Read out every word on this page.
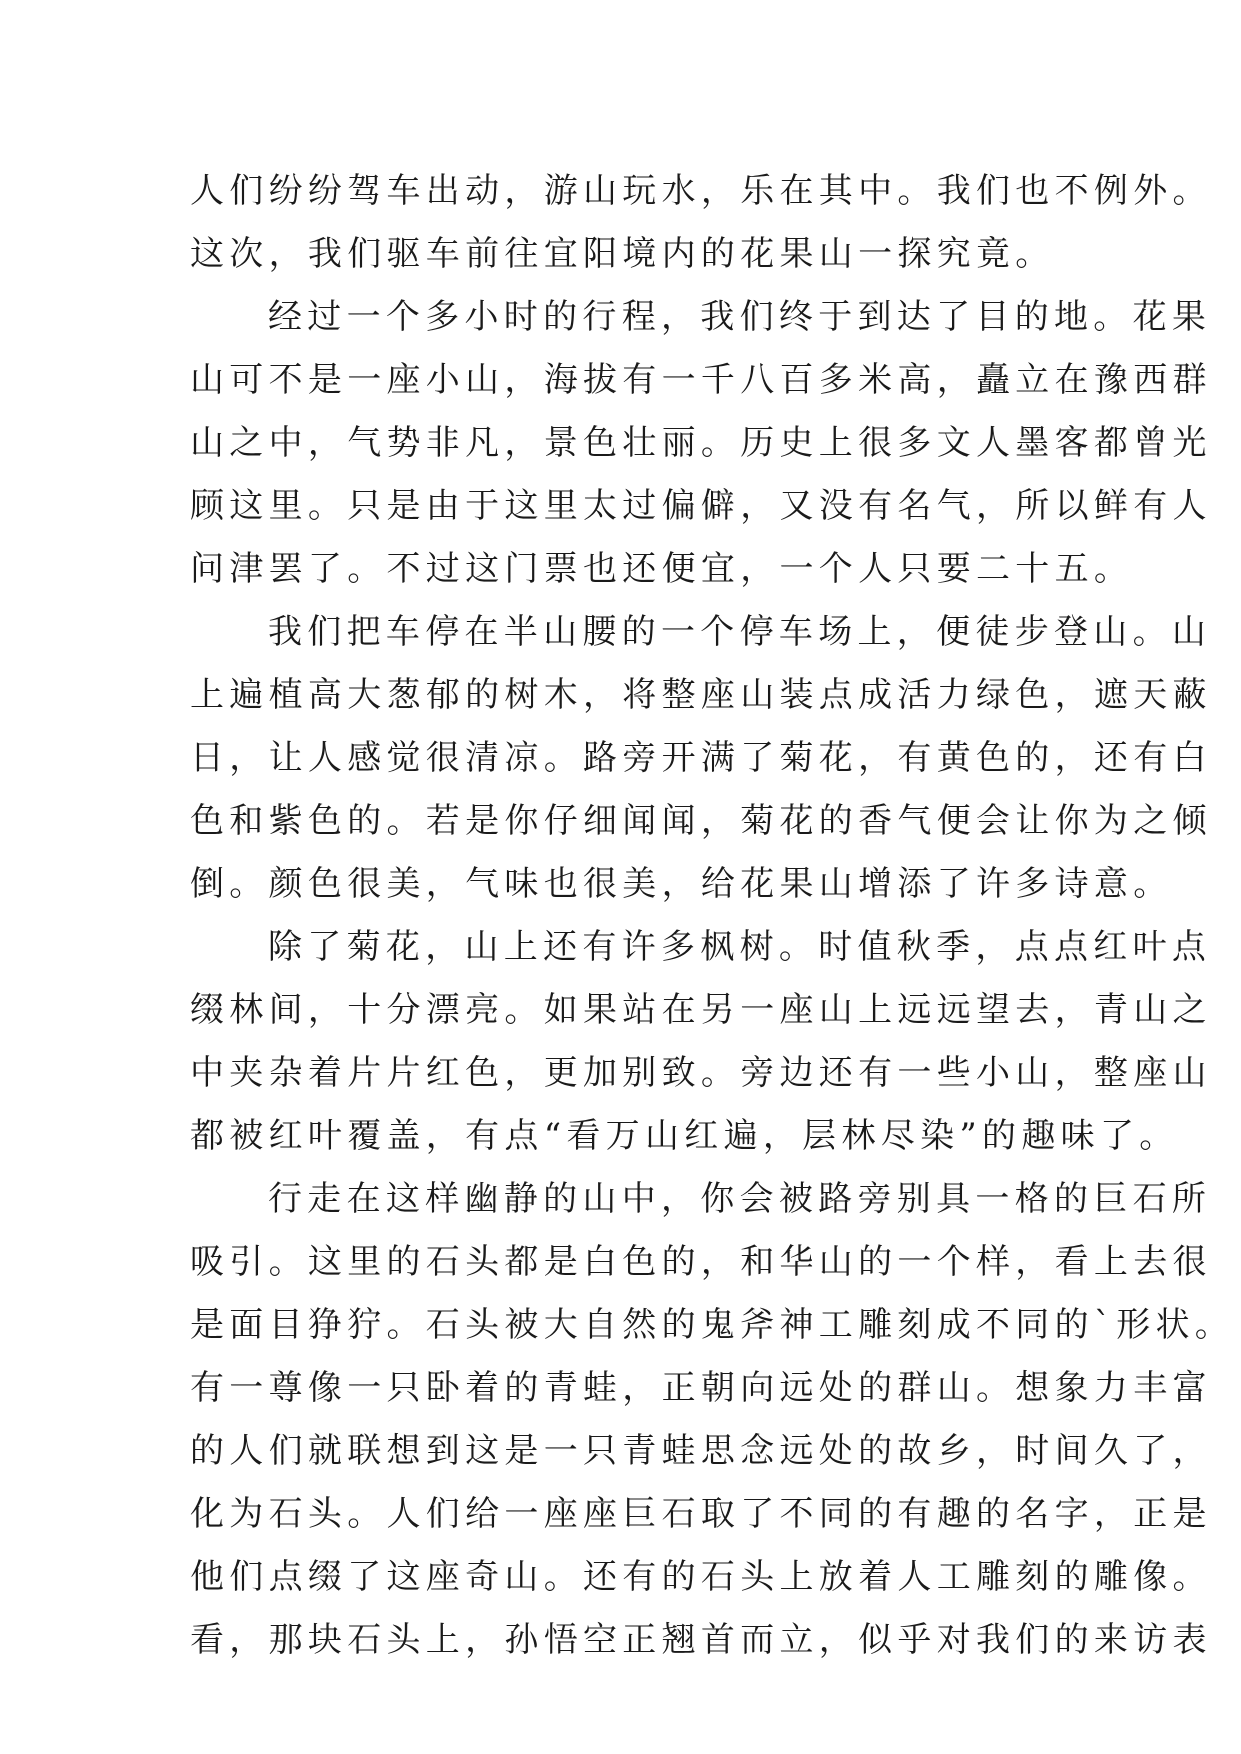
人们纷纷驾车出动，游山玩水，乐在其中。我们也不例外。
这次，我们驱车前往宜阳境内的花果山一探究竟。
经过一个多小时的行程，我们终于到达了目的地。花果
山可不是一座小山，海拔有一千八百多米高，矗立在豫西群
山之中，气势非凡，景色壮丽。历史上很多文人墨客都曾光
顾这里。只是由于这里太过偏僻，又没有名气，所以鲜有人
问津罢了。不过这门票也还便宜，一个人只要二十五。
我们把车停在半山腰的一个停车场上，便徒步登山。山
上遍植高大葱郁的树木，将整座山装点成活力绿色，遮天蔽
日，让人感觉很清凉。路旁开满了菊花，有黄色的，还有白
色和紫色的。若是你仔细闻闻，菊花的香气便会让你为之倾
倒。颜色很美，气味也很美，给花果山增添了许多诗意。
除了菊花，山上还有许多枫树。时值秋季，点点红叶点
缀林间，十分漂亮。如果站在另一座山上远远望去，青山之
中夹杂着片片红色，更加别致。旁边还有一些小山，整座山
都被红叶覆盖，有点“看万山红遍，层林尽染”的趣味了。
行走在这样幽静的山中，你会被路旁别具一格的巨石所
吸引。这里的石头都是白色的，和华山的一个样，看上去很
是面目狰狞。石头被大自然的鬼斧神工雕刻成不同的`形状。
有一尊像一只卧着的青蛙，正朝向远处的群山。想象力丰富
的人们就联想到这是一只青蛙思念远处的故乡，时间久了，
化为石头。人们给一座座巨石取了不同的有趣的名字，正是
他们点缀了这座奇山。还有的石头上放着人工雕刻的雕像。
看，那块石头上，孙悟空正翘首而立，似乎对我们的来访表
